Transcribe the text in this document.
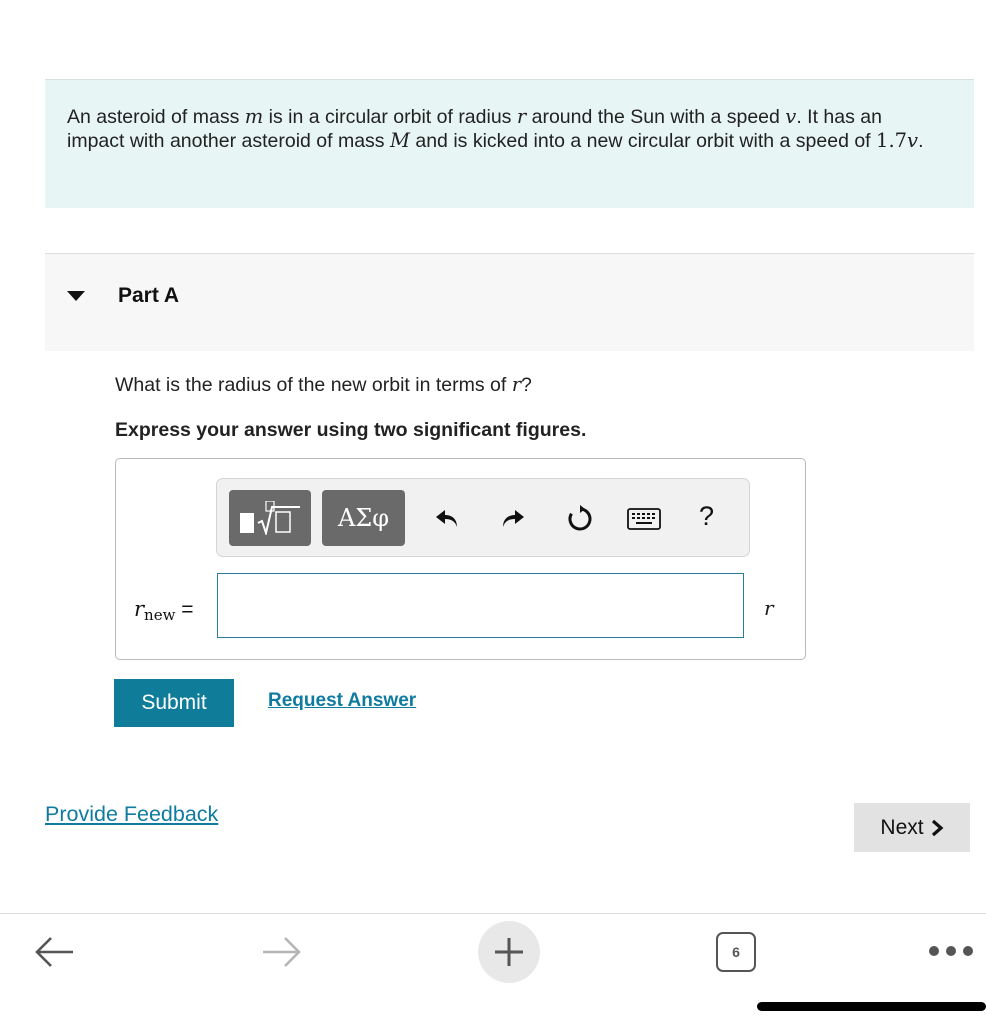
An asteroid of mass m is in a circular orbit of radius r around the Sun with a speed v. It has an impact with another asteroid of mass M and is kicked into a new circular orbit with a speed of 1.7v.
Part A
What is the radius of the new orbit in terms of r?
Express your answer using two significant figures.
ΑΣφ	?
rnew =	r
Submit	Request Answer
Provide Feedback
Next
6
